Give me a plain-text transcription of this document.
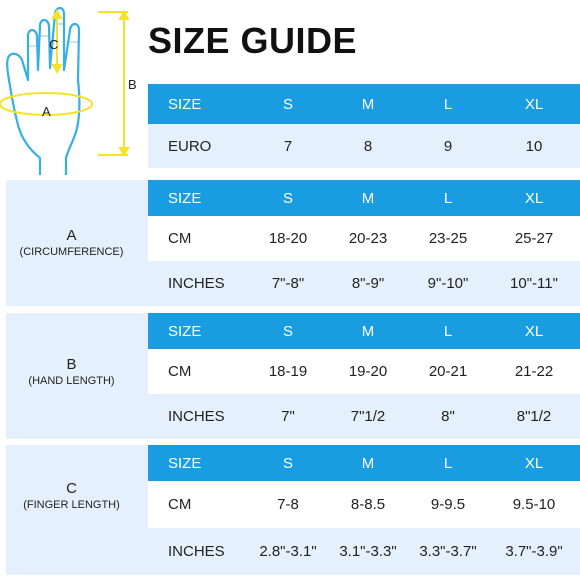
C
B
A
SIZE GUIDE
SIZE	S	M	L	XL
EURO	7	8	9	10
A
(CIRCUMFERENCE)
SIZE	S	M	L	XL
CM	18-20	20-23	23-25	25-27
INCHES	7"-8"	8"-9"	9"-10"	10"-11"
B
(HAND LENGTH)
SIZE	S	M	L	XL
CM	18-19	19-20	20-21	21-22
INCHES	7"	7"1/2	8"	8"1/2
C
(FINGER LENGTH)
SIZE	S	M	L	XL
CM	7-8	8-8.5	9-9.5	9.5-10
INCHES	2.8"-3.1"	3.1"-3.3"	3.3"-3.7"	3.7"-3.9"
